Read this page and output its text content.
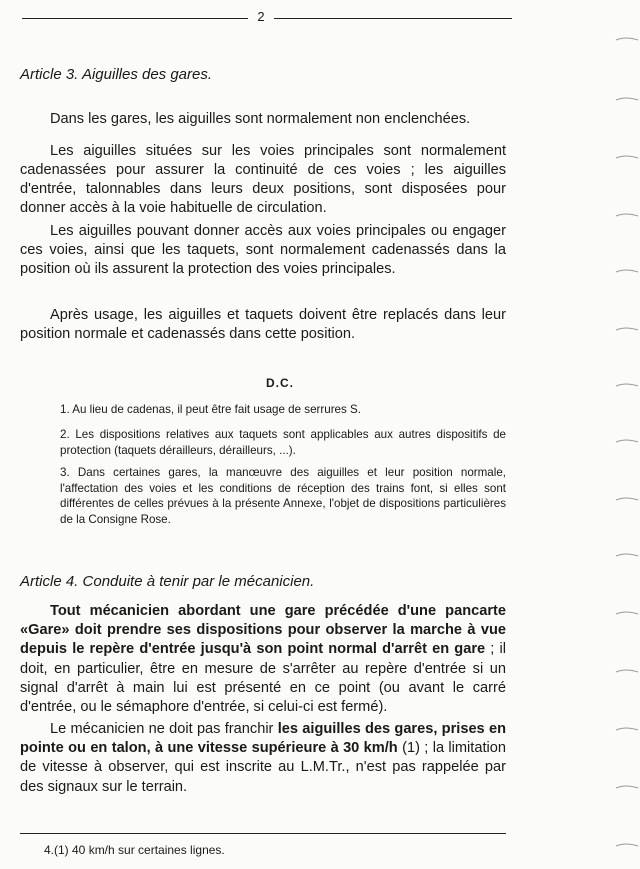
2
Article 3. Aiguilles des gares.
Dans les gares, les aiguilles sont normalement non enclenchées.
Les aiguilles situées sur les voies principales sont normalement cadenassées pour assurer la continuité de ces voies ; les aiguilles d'entrée, talonnables dans leurs deux positions, sont disposées pour donner accès à la voie habituelle de circulation.
Les aiguilles pouvant donner accès aux voies principales ou engager ces voies, ainsi que les taquets, sont normalement cadenassés dans la position où ils assurent la protection des voies principales.
Après usage, les aiguilles et taquets doivent être replacés dans leur position normale et cadenassés dans cette position.
D.C.
1. Au lieu de cadenas, il peut être fait usage de serrures S.
2. Les dispositions relatives aux taquets sont applicables aux autres dispositifs de protection (taquets dérailleurs, dérailleurs, ...).
3. Dans certaines gares, la manœuvre des aiguilles et leur position normale, l'affectation des voies et les conditions de réception des trains font, si elles sont différentes de celles prévues à la présente Annexe, l'objet de dispositions particulières de la Consigne Rose.
Article 4. Conduite à tenir par le mécanicien.
Tout mécanicien abordant une gare précédée d'une pancarte «Gare» doit prendre ses dispositions pour observer la marche à vue depuis le repère d'entrée jusqu'à son point normal d'arrêt en gare ; il doit, en particulier, être en mesure de s'arrêter au repère d'entrée si un signal d'arrêt à main lui est présenté en ce point (ou avant le carré d'entrée, ou le sémaphore d'entrée, si celui-ci est fermé).
Le mécanicien ne doit pas franchir les aiguilles des gares, prises en pointe ou en talon, à une vitesse supérieure à 30 km/h (1) ; la limitation de vitesse à observer, qui est inscrite au L.M.Tr., n'est pas rappelée par des signaux sur le terrain.
4.(1) 40 km/h sur certaines lignes.
